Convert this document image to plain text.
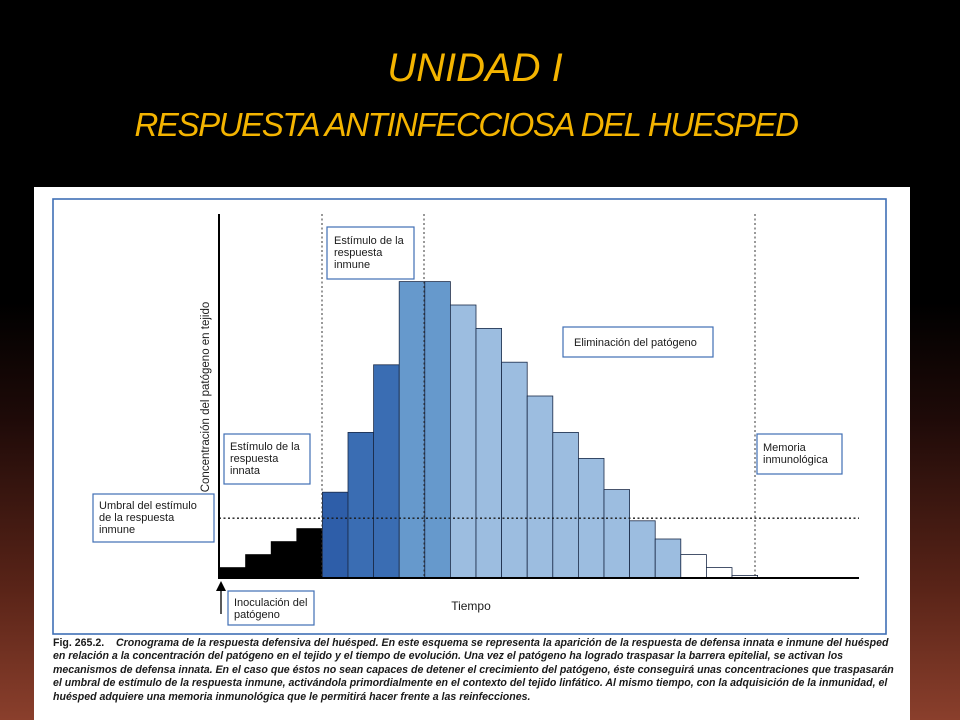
UNIDAD I
RESPUESTA ANTINFECCIOSA DEL HUESPED
Concentración del patógeno en tejido
Tiempo
Estímulo de la respuesta inmune
Eliminación del patógeno
Estímulo de la respuesta innata
Memoria inmunológica
Umbral del estímulo de la respuesta inmune
Inoculación del patógeno
Fig. 265.2. Cronograma de la respuesta defensiva del huésped. En este esquema se representa la aparición de la respuesta de defensa innata e inmune del huésped en relación a la concentración del patógeno en el tejido y el tiempo de evolución. Una vez el patógeno ha logrado traspasar la barrera epitelial, se activan los mecanismos de defensa innata. En el caso que éstos no sean capaces de detener el crecimiento del patógeno, éste conseguirá unas concentraciones que traspasarán el umbral de estímulo de la respuesta inmune, activándola primordialmente en el contexto del tejido linfático. Al mismo tiempo, con la adquisición de la inmunidad, el huésped adquiere una memoria inmunológica que le permitirá hacer frente a las reinfecciones.
